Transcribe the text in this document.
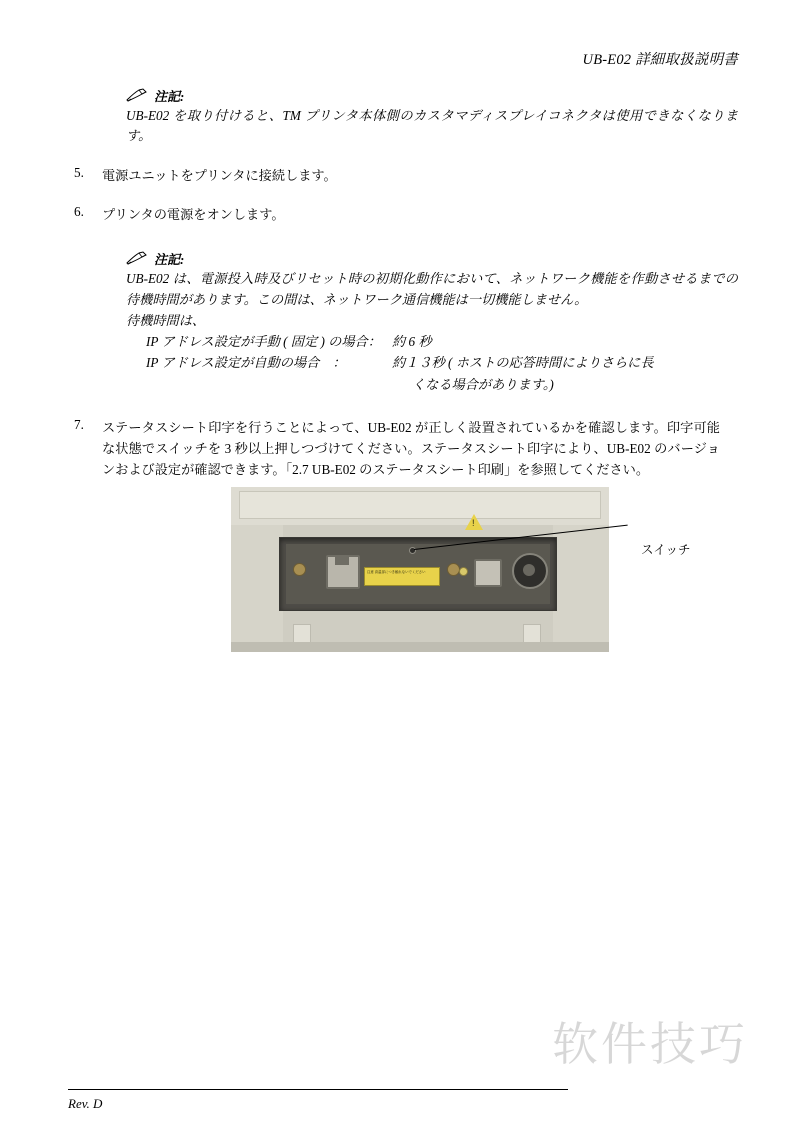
UB-E02 詳細取扱説明書
注記:
UB-E02 を取り付けると、TM プリンタ本体側のカスタマディスプレイコネクタは使用できなくなります。
5.	電源ユニットをプリンタに接続します。
6.	プリンタの電源をオンします。
注記:
UB-E02 は、電源投入時及びリセット時の初期化動作において、ネットワーク機能を作動させるまでの待機時間があります。この間は、ネットワーク通信機能は一切機能しません。
待機時間は、
IP アドレス設定が手動 ( 固定 ) の場合： 約 6 秒
IP アドレス設定が自動の場合　：	約１３秒 ( ホストの応答時間によりさらに長
くなる場合があります。)
7.	ステータスシート印字を行うことによって、UB-E02 が正しく設置されているかを確認します。印字可能な状態でスイッチを 3 秒以上押しつづけてください。ステータスシート印字により、UB-E02 のバージョンおよび設定が確認できます。「2.7 UB-E02 のステータスシート印刷」を参照してください。
注意 高温部につき触れないでください
!
スイッチ
软件技巧
Rev. D
